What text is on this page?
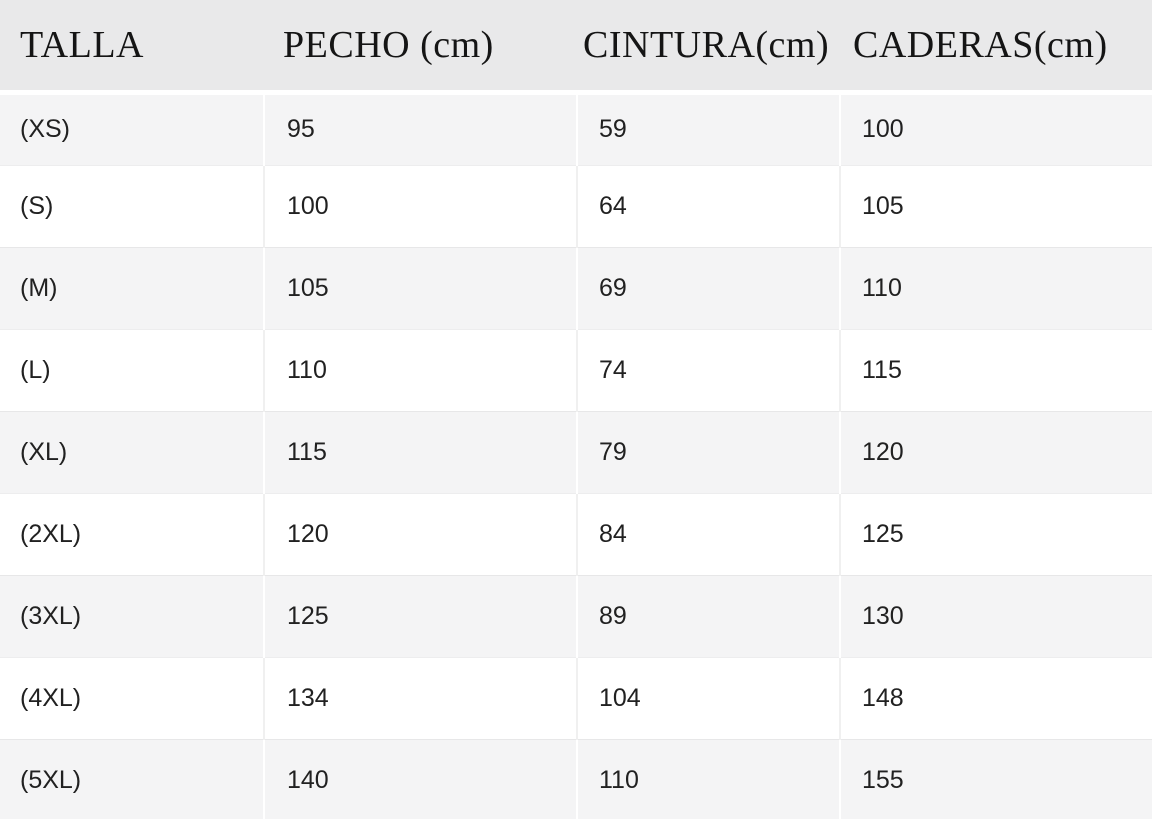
TALLA	PECHO (cm)	CINTURA(cm)	CADERAS(cm)
(XS)	95	59	100
(S)	100	64	105
(M)	105	69	110
(L)	110	74	115
(XL)	115	79	120
(2XL)	120	84	125
(3XL)	125	89	130
(4XL)	134	104	148
(5XL)	140	110	155
